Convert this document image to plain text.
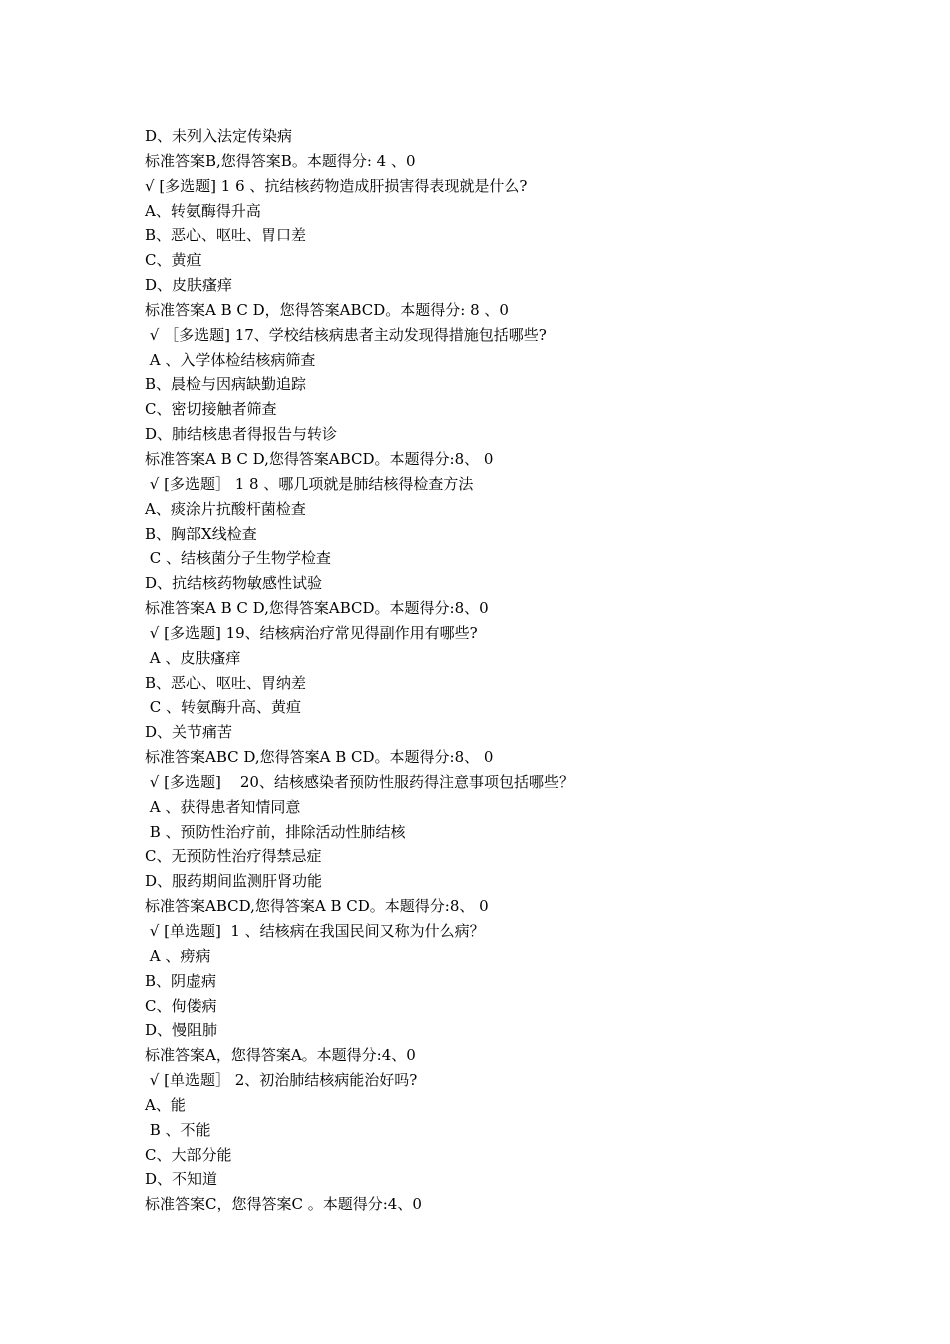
D、未列入法定传染病
标准答案B,您得答案B。本题得分: 4 、0
√ [多选题] 1 6 、抗结核药物造成肝损害得表现就是什么?
A、转氨酶得升高
B、恶心、呕吐、胃口差
C、黄疸
D、皮肤瘙痒
标准答案A B C D，您得答案ABCD。本题得分: 8 、0
√ ［多选题] 17、学校结核病患者主动发现得措施包括哪些?
A 、入学体检结核病筛查
B、晨检与因病缺勤追踪
C、密切接触者筛查
D、肺结核患者得报告与转诊
标准答案A B C D,您得答案ABCD。本题得分:8、 0
√ [多选题］ 1 8 、哪几项就是肺结核得检查方法
A、痰涂片抗酸杆菌检查
B、胸部X线检查
C 、结核菌分子生物学检查
D、抗结核药物敏感性试验
标准答案A B C D,您得答案ABCD。本题得分:8、0
√ [多选题] 19、结核病治疗常见得副作用有哪些?
A 、皮肤瘙痒
B、恶心、呕吐、胃纳差
C 、转氨酶升高、黄疸
D、关节痛苦
标准答案ABC D,您得答案A B CD。本题得分:8、 0
√ [多选题]    20、结核感染者预防性服药得注意事项包括哪些？
A 、获得患者知情同意
B 、预防性治疗前，排除活动性肺结核
C、无预防性治疗得禁忌症
D、服药期间监测肝肾功能
标准答案ABCD,您得答案A B CD。本题得分:8、 0
√ [单选题]  1 、结核病在我国民间又称为什么病？
A 、痨病
B、阴虚病
C、佝偻病
D、慢阻肺
标准答案A，您得答案A。本题得分:4、0
√ [单选题］ 2、初治肺结核病能治好吗?
A、能
B 、不能
C、大部分能
D、不知道
标准答案C，您得答案C 。本题得分:4、0
